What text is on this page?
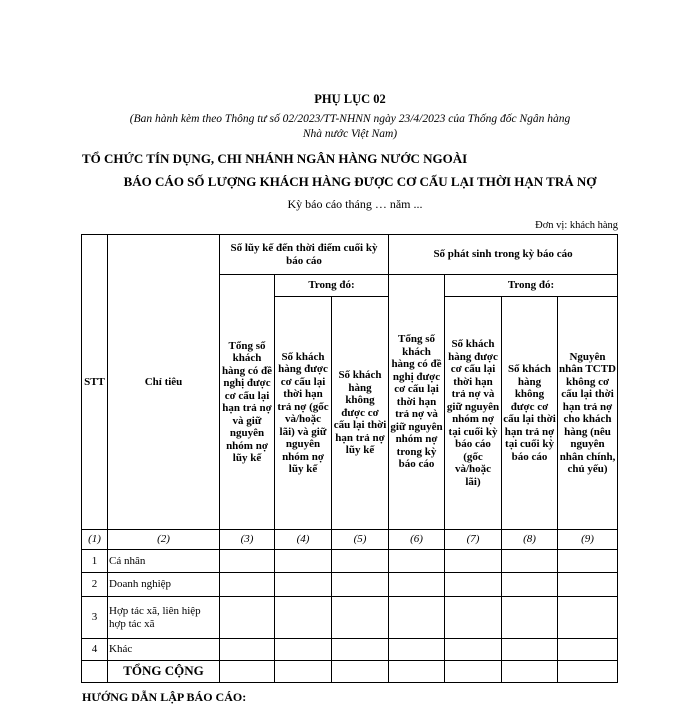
PHỤ LỤC 02
(Ban hành kèm theo Thông tư số 02/2023/TT-NHNN ngày 23/4/2023 của Thống đốc Ngân hàng
Nhà nước Việt Nam)
TỔ CHỨC TÍN DỤNG, CHI NHÁNH NGÂN HÀNG NƯỚC NGOÀI
BÁO CÁO SỐ LƯỢNG KHÁCH HÀNG ĐƯỢC CƠ CẤU LẠI THỜI HẠN TRẢ NỢ
Kỳ báo cáo tháng … năm ...
Đơn vị: khách hàng
STT	Chỉ tiêu	Số lũy kế đến thời điểm cuối kỳ báo cáo			Số phát sinh trong kỳ báo cáo			
		Tổng số khách hàng có đề nghị được cơ cấu lại hạn trả nợ và giữ nguyên nhóm nợ lũy kế	Trong đó:		Tổng số khách hàng có đề nghị được cơ cấu lại thời hạn trả nợ và giữ nguyên nhóm nợ trong kỳ báo cáo	Trong đó:		
			Số khách hàng được cơ cấu lại thời hạn trả nợ (gốc và/hoặc lãi) và giữ nguyên nhóm nợ lũy kế	Số khách hàng không được cơ cấu lại thời hạn trả nợ lũy kế		Số khách hàng được cơ cấu lại thời hạn trả nợ và giữ nguyên nhóm nợ tại cuối kỳ báo cáo (gốc và/hoặc lãi)	Số khách hàng không được cơ cấu lại thời hạn trả nợ tại cuối kỳ báo cáo	Nguyên nhân TCTD không cơ cấu lại thời hạn trả nợ cho khách hàng (nêu nguyên nhân chính, chủ yếu)
(1)	(2)	(3)	(4)	(5)	(6)	(7)	(8)	(9)
1	Cá nhân							
2	Doanh nghiệp							
3	Hợp tác xã, liên hiệp hợp tác xã							
4	Khác							
	TỔNG CỘNG							
HƯỚNG DẪN LẬP BÁO CÁO:
